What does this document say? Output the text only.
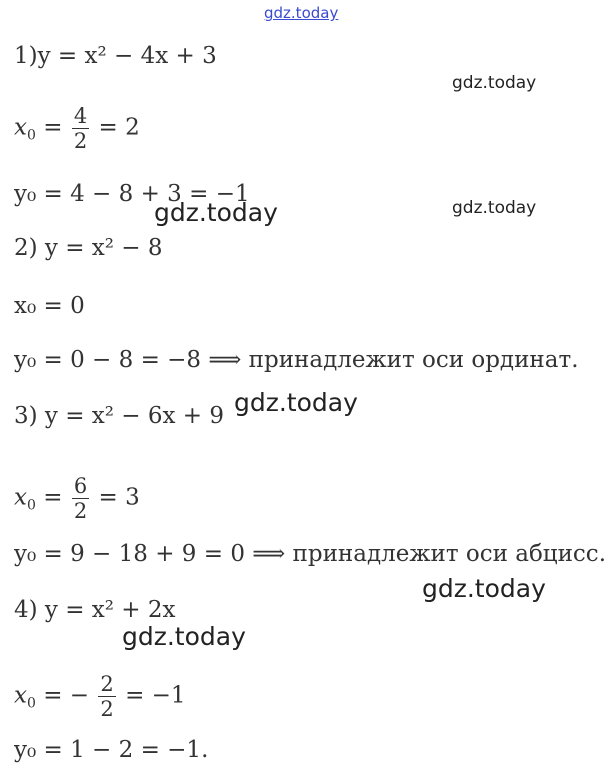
gdz.today
gdz.today
gdz.today
gdz.today
gdz.today
gdz.today
gdz.today
1)y = x² − 4x + 3
$x_0 = \frac{4}{2} = 2$
y₀ = 4 − 8 + 3 = −1
2) y = x² − 8
x₀ = 0
y₀ = 0 − 8 = −8 ⟹ принадлежит оси ординат.
3) y = x² − 6x + 9
$x_0 = \frac{6}{2} = 3$
y₀ = 9 − 18 + 9 = 0 ⟹ принадлежит оси абцисс.
4) y = x² + 2x
$x_0$ = − $\frac{2}{2} = -1$
y₀ = 1 − 2 = −1.
